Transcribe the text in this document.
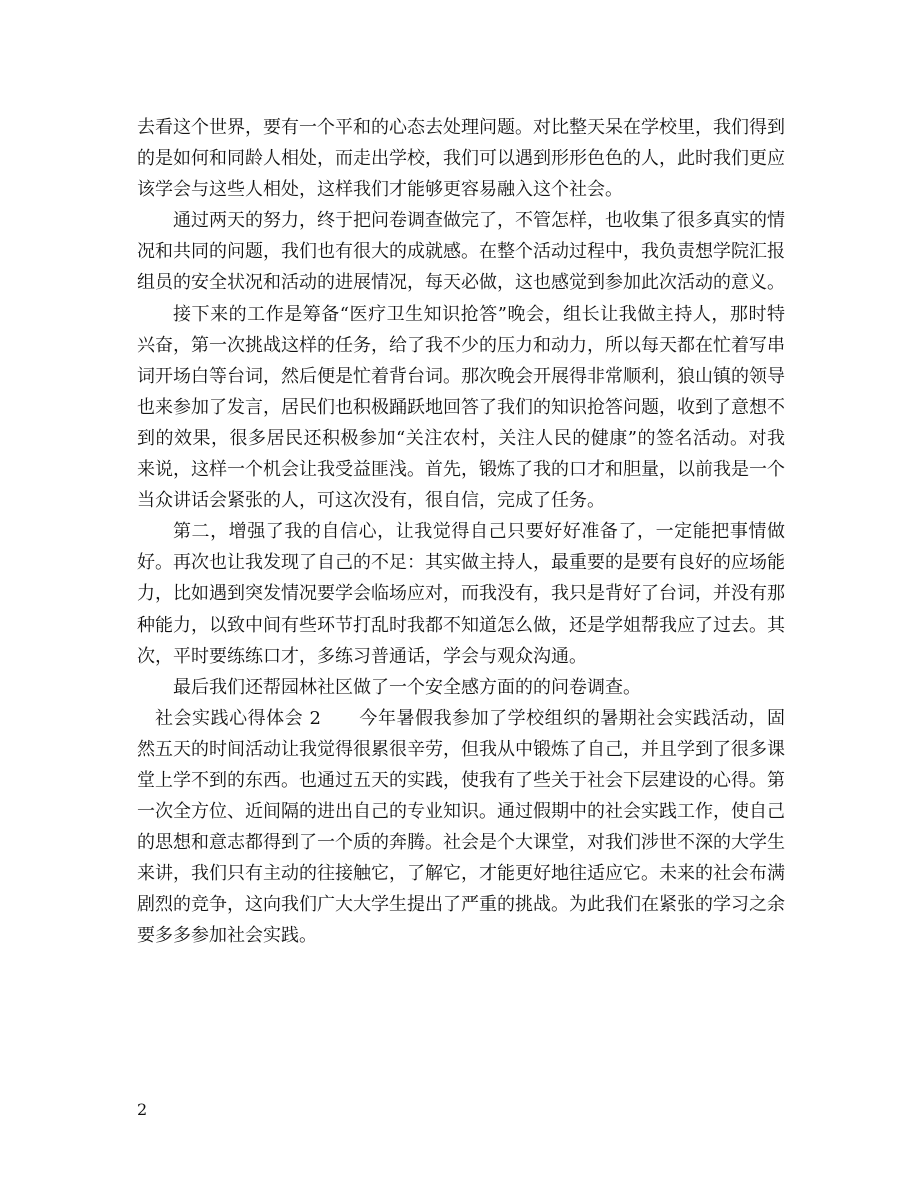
去看这个世界，要有一个平和的心态去处理问题。对比整天呆在学校里，我们得到的是如何和同龄人相处，而走出学校，我们可以遇到形形色色的人，此时我们更应该学会与这些人相处，这样我们才能够更容易融入这个社会。

通过两天的努力，终于把问卷调查做完了，不管怎样，也收集了很多真实的情况和共同的问题，我们也有很大的成就感。在整个活动过程中，我负责想学院汇报组员的安全状况和活动的进展情况，每天必做，这也感觉到参加此次活动的意义。

接下来的工作是筹备“医疗卫生知识抢答”晚会，组长让我做主持人，那时特兴奋，第一次挑战这样的任务，给了我不少的压力和动力，所以每天都在忙着写串词开场白等台词，然后便是忙着背台词。那次晚会开展得非常顺利，狼山镇的领导也来参加了发言，居民们也积极踊跃地回答了我们的知识抢答问题，收到了意想不到的效果，很多居民还积极参加“关注农村，关注人民的健康”的签名活动。对我来说，这样一个机会让我受益匪浅。首先，锻炼了我的口才和胆量，以前我是一个当众讲话会紧张的人，可这次没有，很自信，完成了任务。

第二，增强了我的自信心，让我觉得自己只要好好准备了，一定能把事情做好。再次也让我发现了自己的不足：其实做主持人，最重要的是要有良好的应场能力，比如遇到突发情况要学会临场应对，而我没有，我只是背好了台词，并没有那种能力，以致中间有些环节打乱时我都不知道怎么做，还是学姐帮我应了过去。其次，平时要练练口才，多练习普通话，学会与观众沟通。

最后我们还帮园林社区做了一个安全感方面的的问卷调查。

社会实践心得体会 2 今年暑假我参加了学校组织的暑期社会实践活动，固然五天的时间活动让我觉得很累很辛劳，但我从中锻炼了自己，并且学到了很多课堂上学不到的东西。也通过五天的实践，使我有了些关于社会下层建设的心得。第一次全方位、近间隔的进出自己的专业知识。通过假期中的社会实践工作，使自己的思想和意志都得到了一个质的奔腾。社会是个大课堂，对我们涉世不深的大学生来讲，我们只有主动的往接触它，了解它，才能更好地往适应它。未来的社会布满剧烈的竞争，这向我们广大大学生提出了严重的挑战。为此我们在紧张的学习之余要多多参加社会实践。

2
